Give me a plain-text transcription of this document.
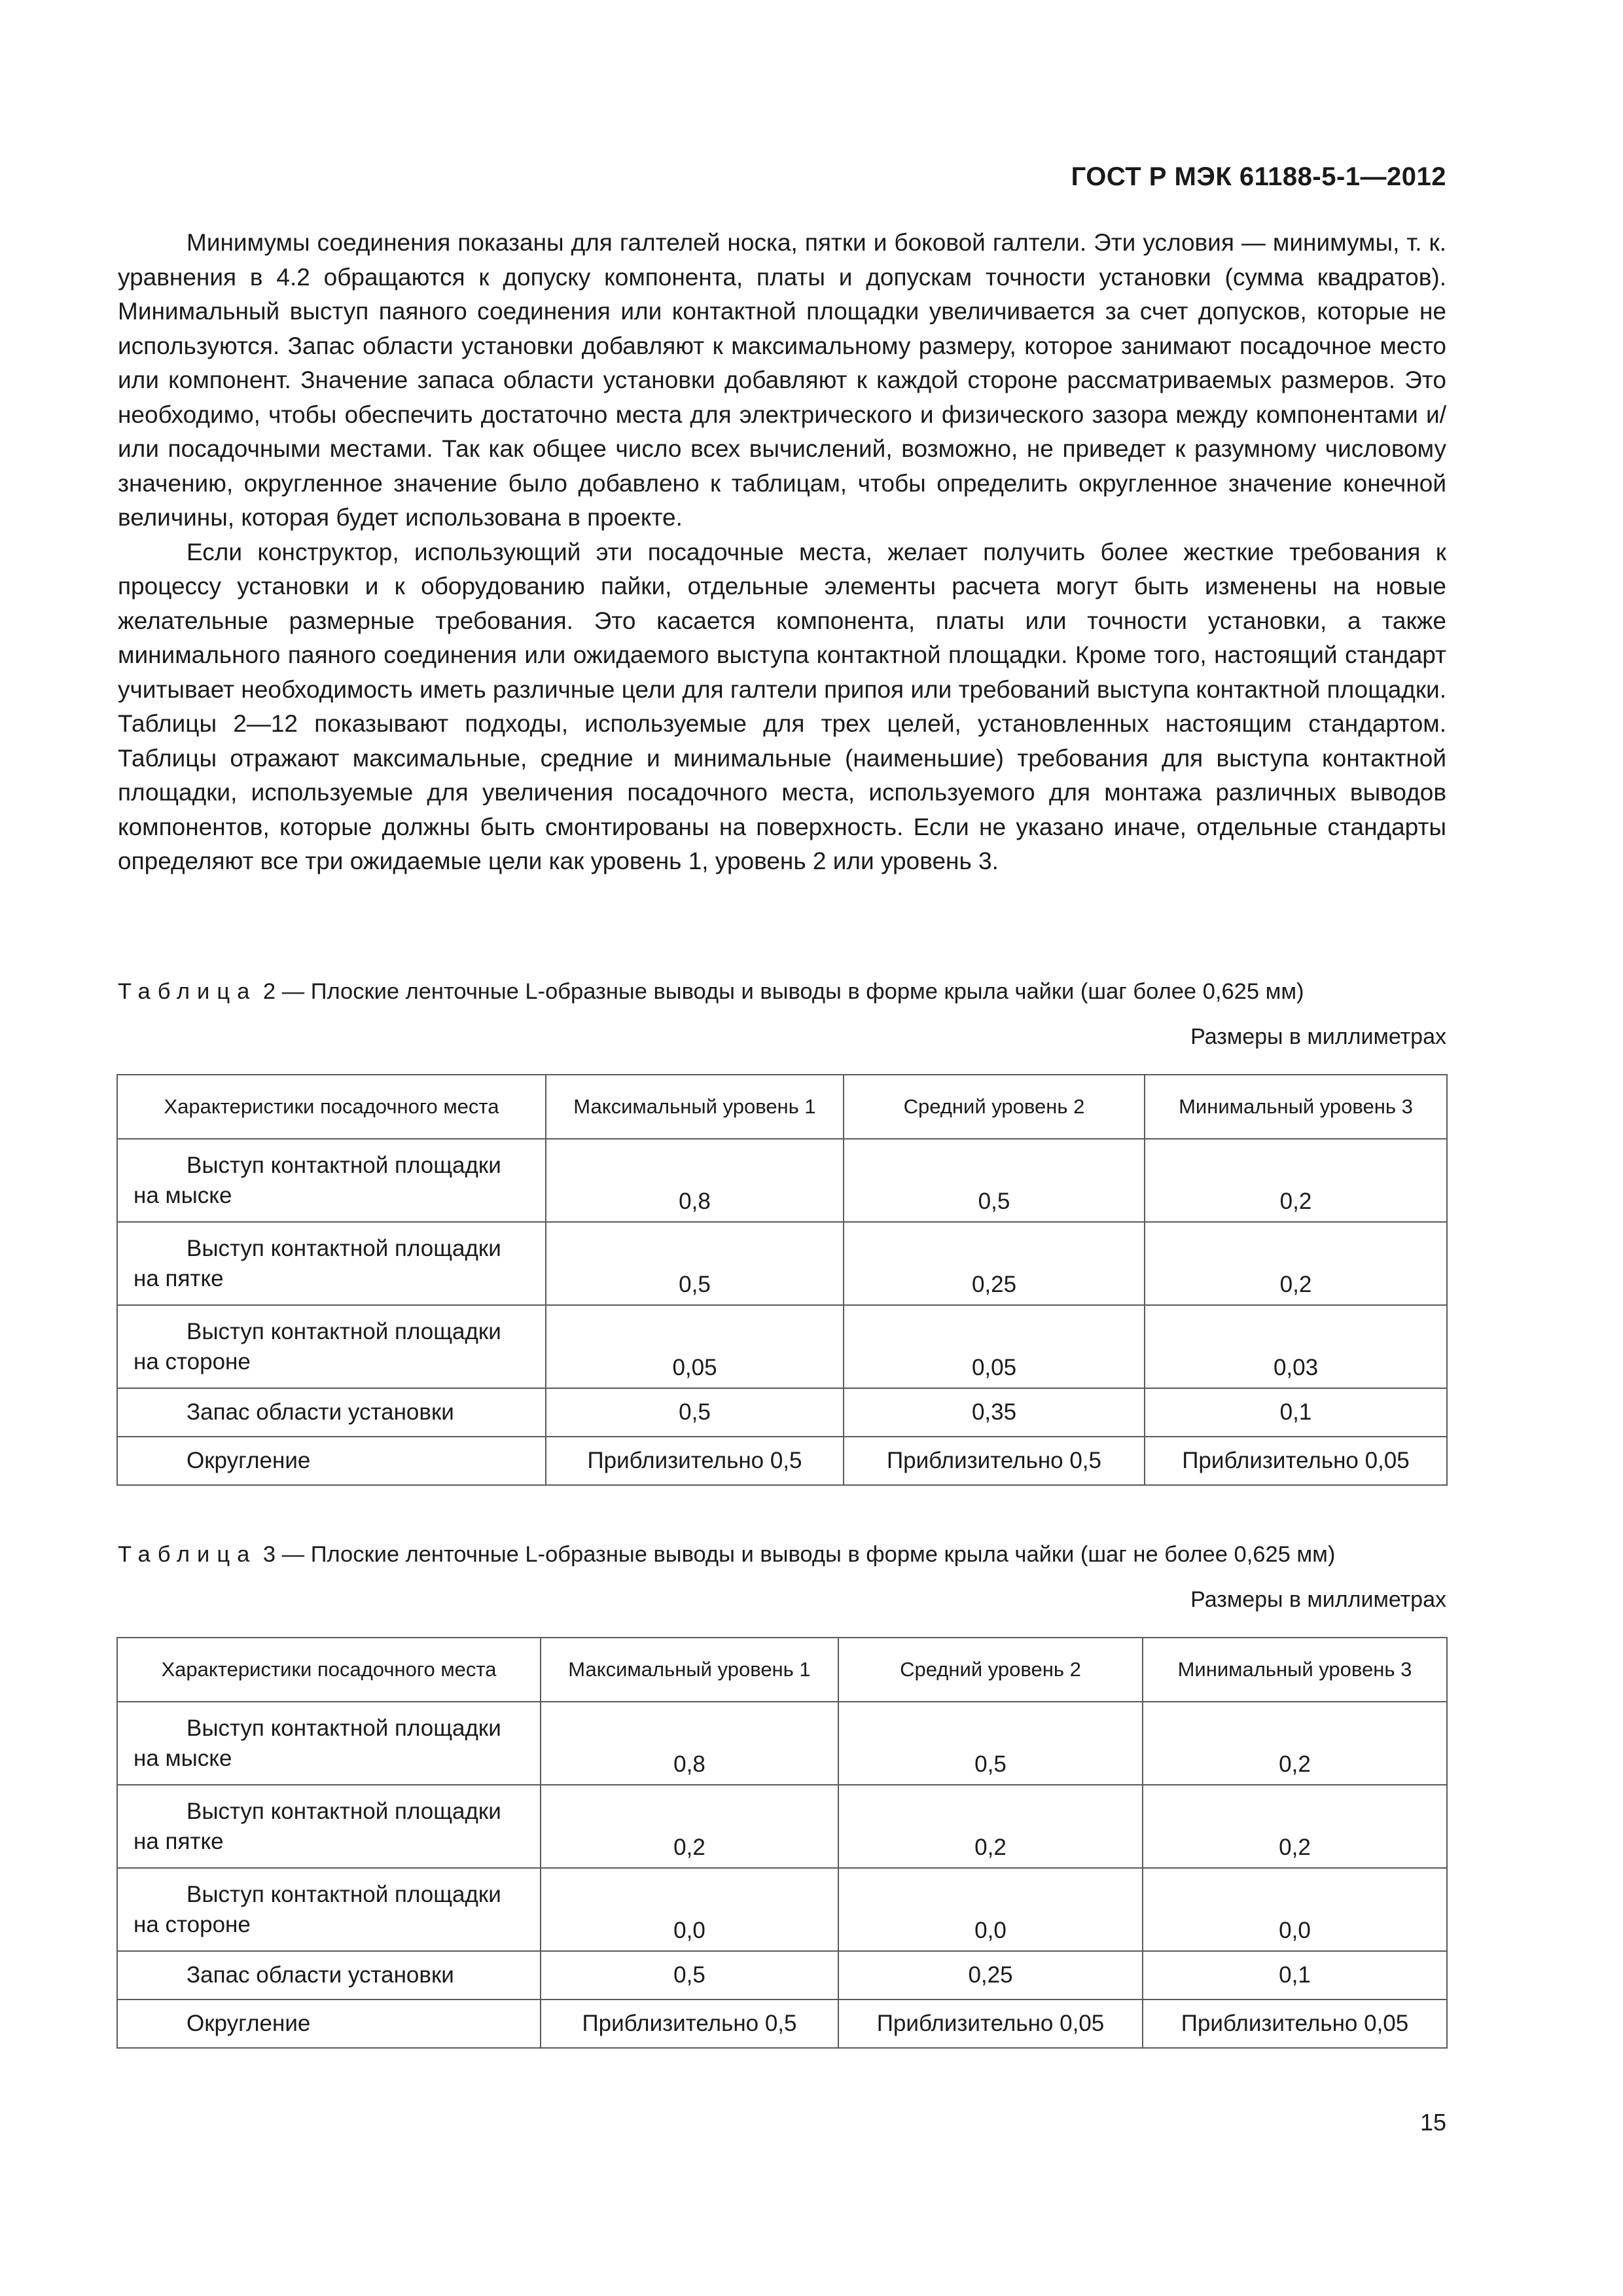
ГОСТ Р МЭК 61188-5-1—2012

Минимумы соединения показаны для галтелей носка, пятки и боковой галтели. Эти условия — минимумы, т. к. уравнения в 4.2 обращаются к допуску компонента, платы и допускам точности установки (сумма квадратов). Минимальный выступ паяного соединения или контактной площадки увеличивается за счет допусков, которые не используются. Запас области установки добавляют к максимальному размеру, которое занимают посадочное место или компонент. Значение запаса области установки добавляют к каждой стороне рассматриваемых размеров. Это необходимо, чтобы обеспечить достаточно места для электрического и физического зазора между компонентами и/или посадочными местами. Так как общее число всех вычислений, возможно, не приведет к разумному числовому значению, округленное значение было добавлено к таблицам, чтобы определить округленное значение конечной величины, которая будет использована в проекте.

Если конструктор, использующий эти посадочные места, желает получить более жесткие требования к процессу установки и к оборудованию пайки, отдельные элементы расчета могут быть изменены на новые желательные размерные требования. Это касается компонента, платы или точности установки, а также минимального паяного соединения или ожидаемого выступа контактной площадки. Кроме того, настоящий стандарт учитывает необходимость иметь различные цели для галтели припоя или требований выступа контактной площадки. Таблицы 2—12 показывают подходы, используемые для трех целей, установленных настоящим стандартом. Таблицы отражают максимальные, средние и минимальные (наименьшие) требования для выступа контактной площадки, используемые для увеличения посадочного места, используемого для монтажа различных выводов компонентов, которые должны быть смонтированы на поверхность. Если не указано иначе, отдельные стандарты определяют все три ожидаемые цели как уровень 1, уровень 2 или уровень 3.

Таблица 2 — Плоские ленточные L-образные выводы и выводы в форме крыла чайки (шаг более 0,625 мм)

Размеры в миллиметрах

Характеристики посадочного места	Максимальный уровень 1	Средний уровень 2	Минимальный уровень 3
Выступ контактной площадки
на мыске	0,8	0,5	0,2
Выступ контактной площадки
на пятке	0,5	0,25	0,2
Выступ контактной площадки
на стороне	0,05	0,05	0,03
Запас области установки	0,5	0,35	0,1
Округление	Приблизительно 0,5	Приблизительно 0,5	Приблизительно 0,05

Таблица 3 — Плоские ленточные L-образные выводы и выводы в форме крыла чайки (шаг не более 0,625 мм)

Размеры в миллиметрах

Характеристики посадочного места	Максимальный уровень 1	Средний уровень 2	Минимальный уровень 3
Выступ контактной площадки
на мыске	0,8	0,5	0,2
Выступ контактной площадки
на пятке	0,2	0,2	0,2
Выступ контактной площадки
на стороне	0,0	0,0	0,0
Запас области установки	0,5	0,25	0,1
Округление	Приблизительно 0,5	Приблизительно 0,05	Приблизительно 0,05

15
